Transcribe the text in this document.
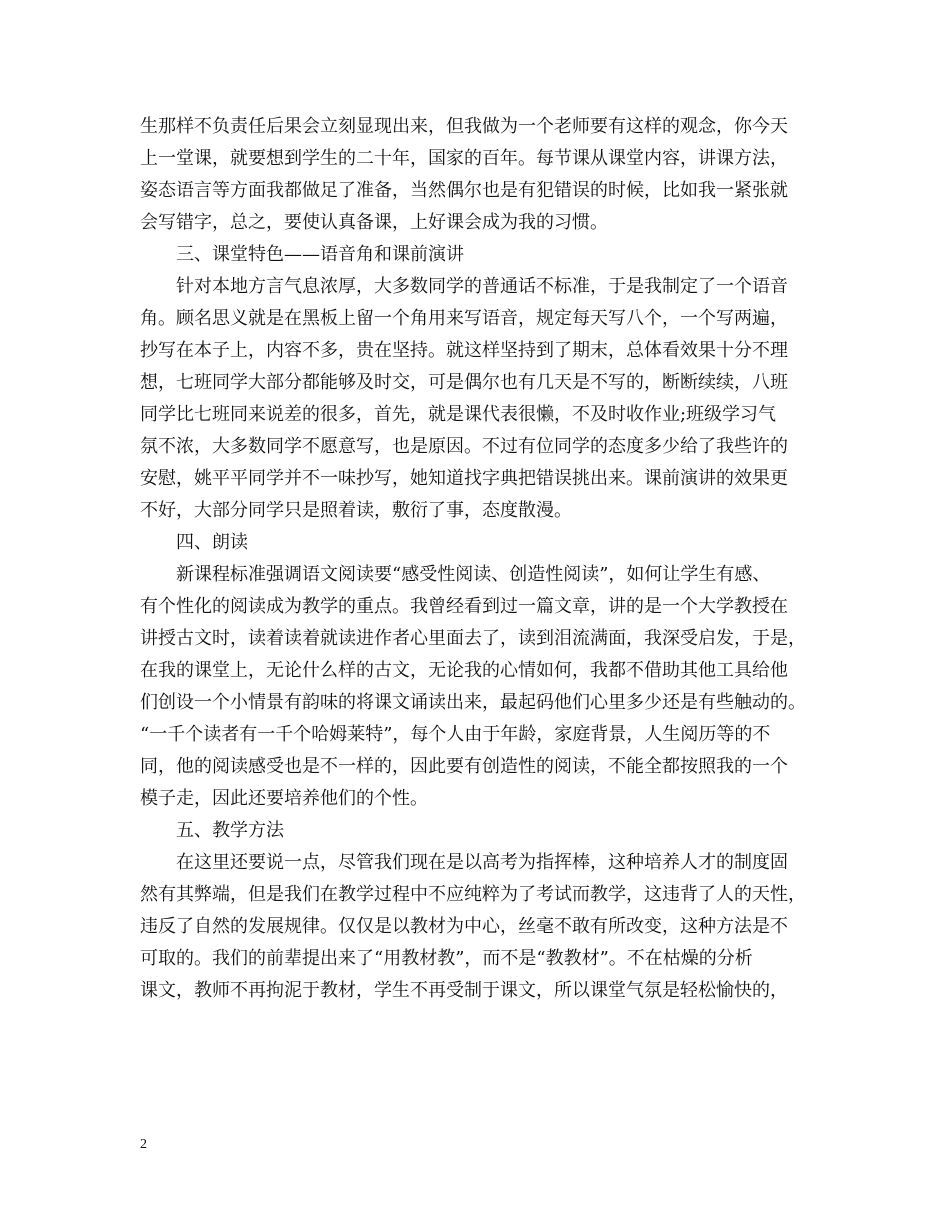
生那样不负责任后果会立刻显现出来，但我做为一个老师要有这样的观念，你今天
上一堂课，就要想到学生的二十年，国家的百年。每节课从课堂内容，讲课方法，
姿态语言等方面我都做足了准备，当然偶尔也是有犯错误的时候，比如我一紧张就
会写错字，总之，要使认真备课，上好课会成为我的习惯。
三、课堂特色——语音角和课前演讲
针对本地方言气息浓厚，大多数同学的普通话不标准，于是我制定了一个语音
角。顾名思义就是在黑板上留一个角用来写语音，规定每天写八个，一个写两遍，
抄写在本子上，内容不多，贵在坚持。就这样坚持到了期末，总体看效果十分不理
想，七班同学大部分都能够及时交，可是偶尔也有几天是不写的，断断续续，八班
同学比七班同来说差的很多，首先，就是课代表很懒，不及时收作业;班级学习气
氛不浓，大多数同学不愿意写，也是原因。不过有位同学的态度多少给了我些许的
安慰，姚平平同学并不一味抄写，她知道找字典把错误挑出来。课前演讲的效果更
不好，大部分同学只是照着读，敷衍了事，态度散漫。
四、朗读
新课程标准强调语文阅读要“感受性阅读、创造性阅读”，如何让学生有感、
有个性化的阅读成为教学的重点。我曾经看到过一篇文章，讲的是一个大学教授在
讲授古文时，读着读着就读进作者心里面去了，读到泪流满面，我深受启发，于是，
在我的课堂上，无论什么样的古文，无论我的心情如何，我都不借助其他工具给他
们创设一个小情景有韵味的将课文诵读出来，最起码他们心里多少还是有些触动的。
“一千个读者有一千个哈姆莱特”，每个人由于年龄，家庭背景，人生阅历等的不
同，他的阅读感受也是不一样的，因此要有创造性的阅读，不能全都按照我的一个
模子走，因此还要培养他们的个性。
五、教学方法
在这里还要说一点，尽管我们现在是以高考为指挥棒，这种培养人才的制度固
然有其弊端，但是我们在教学过程中不应纯粹为了考试而教学，这违背了人的天性，
违反了自然的发展规律。仅仅是以教材为中心，丝毫不敢有所改变，这种方法是不
可取的。我们的前辈提出来了“用教材教”，而不是“教教材”。不在枯燥的分析
课文，教师不再拘泥于教材，学生不再受制于课文，所以课堂气氛是轻松愉快的，
2
